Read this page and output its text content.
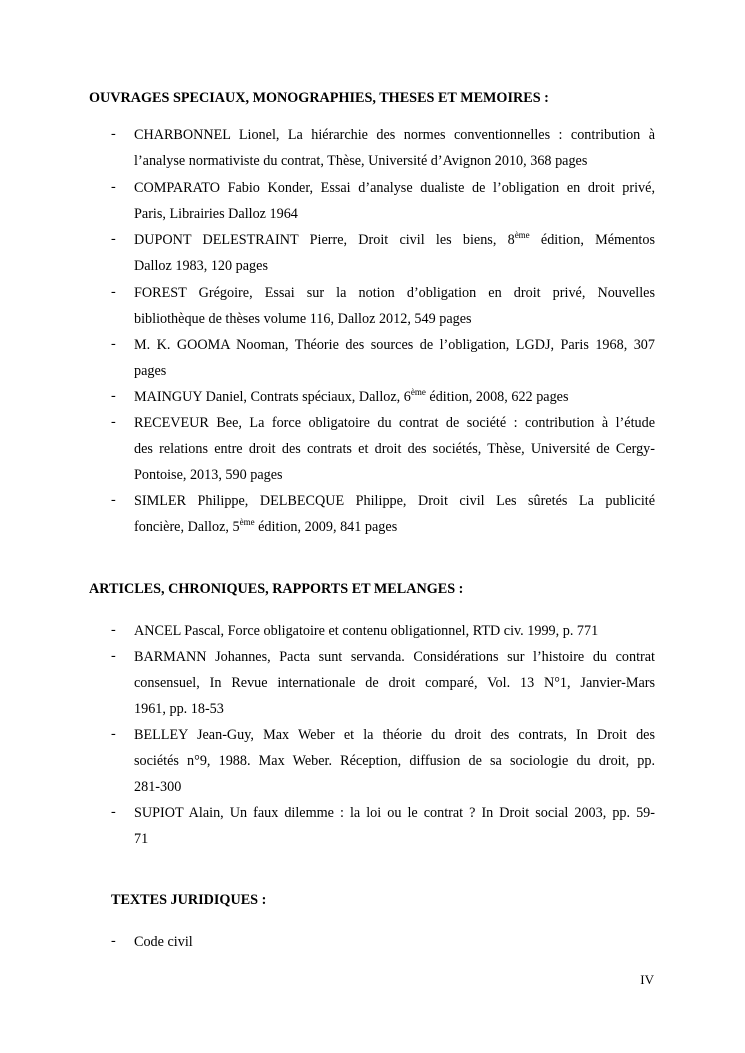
OUVRAGES SPECIAUX, MONOGRAPHIES, THESES ET MEMOIRES :
- CHARBONNEL Lionel, La hiérarchie des normes conventionnelles : contribution à

l’analyse normativiste du contrat, Thèse, Université d’Avignon 2010, 368 pages

- COMPARATO Fabio Konder, Essai d’analyse dualiste de l’obligation en droit privé,

Paris, Librairies Dalloz 1964

- DUPONT DELESTRAINT Pierre, Droit civil les biens, 8ème édition, Mémentos

Dalloz 1983, 120 pages

- FOREST Grégoire, Essai sur la notion d’obligation en droit privé, Nouvelles

bibliothèque de thèses volume 116, Dalloz 2012, 549 pages

- M. K. GOOMA Nooman, Théorie des sources de l’obligation, LGDJ, Paris 1968, 307

pages

- MAINGUY Daniel, Contrats spéciaux, Dalloz, 6ème édition, 2008, 622 pages

- RECEVEUR Bee, La force obligatoire du contrat de société : contribution à l’étude

des relations entre droit des contrats et droit des sociétés, Thèse, Université de Cergy-

Pontoise, 2013, 590 pages

- SIMLER Philippe, DELBECQUE Philippe, Droit civil Les sûretés La publicité

foncière, Dalloz, 5ème édition, 2009, 841 pages

ARTICLES, CHRONIQUES, RAPPORTS ET MELANGES :
- ANCEL Pascal, Force obligatoire et contenu obligationnel, RTD civ. 1999, p. 771

- BARMANN Johannes, Pacta sunt servanda. Considérations sur l’histoire du contrat

consensuel, In Revue internationale de droit comparé, Vol. 13 N°1, Janvier-Mars

1961, pp. 18-53

- BELLEY Jean-Guy, Max Weber et la théorie du droit des contrats, In Droit des

sociétés n°9, 1988. Max Weber. Réception, diffusion de sa sociologie du droit, pp.

281-300

- SUPIOT Alain, Un faux dilemme : la loi ou le contrat ? In Droit social 2003, pp. 59-

71

TEXTES JURIDIQUES :
- Code civil

IV
